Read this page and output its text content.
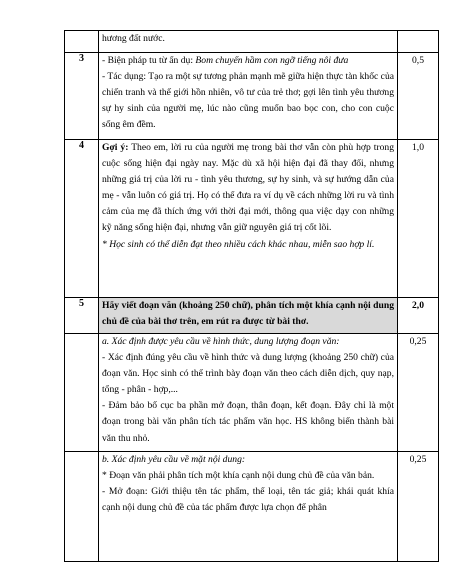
	hương đất nước.	

3	- Biện pháp tu từ ẩn dụ: Bom chuyển hầm con ngỡ tiếng nôi đưa

- Tác dụng: Tạo ra một sự tương phản mạnh mẽ giữa hiện thực tàn khốc của chiến tranh và thế giới hồn nhiên, vô tư của trẻ thơ; gợi lên tình yêu thương sự hy sinh của người mẹ, lúc nào cũng muốn bao bọc con, cho con cuộc sống êm đềm.	0,5
4	Gợi ý: Theo em, lời ru của người mẹ trong bài thơ vẫn còn phù hợp trong cuộc sống hiện đại ngày nay. Mặc dù xã hội hiện đại đã thay đổi, nhưng những giá trị của lời ru - tình yêu thương, sự hy sinh, và sự hướng dẫn của mẹ - vẫn luôn có giá trị. Họ có thể đưa ra ví dụ về cách những lời ru và tình cảm của mẹ đã thích ứng với thời đại mới, thông qua việc dạy con những kỹ năng sống hiện đại, nhưng vẫn giữ nguyên giá trị cốt lõi.

* Học sinh có thể diễn đạt theo nhiều cách khác nhau, miễn sao hợp lí.	1,0
5	Hãy viết đoạn văn (khoảng 250 chữ), phân tích một khía cạnh nội dung chủ đề của bài thơ trên, em rút ra được từ bài thơ.	2,0

	a. Xác định được yêu cầu về hình thức, dung lượng đoạn văn:

- Xác định đúng yêu cầu về hình thức và dung lượng (khoảng 250 chữ) của đoạn văn. Học sinh có thể trình bày đoạn văn theo cách diễn dịch, quy nạp, tổng - phân - hợp,...

- Đảm bảo bố cục ba phần mở đoạn, thân đoạn, kết đoạn. Đây chỉ là một đoạn trong bài văn phân tích tác phẩm văn học. HS không biến thành bài văn thu nhỏ.	0,25

	b. Xác định yêu cầu về mặt nội dung:

* Đoạn văn phải phân tích một khía cạnh nội dung chủ đề của văn bản.

- Mở đoạn: Giới thiệu tên tác phẩm, thể loại, tên tác giả; khái quát khía cạnh nội dung chủ đề của tác phẩm được lựa chọn để phân	0,25
